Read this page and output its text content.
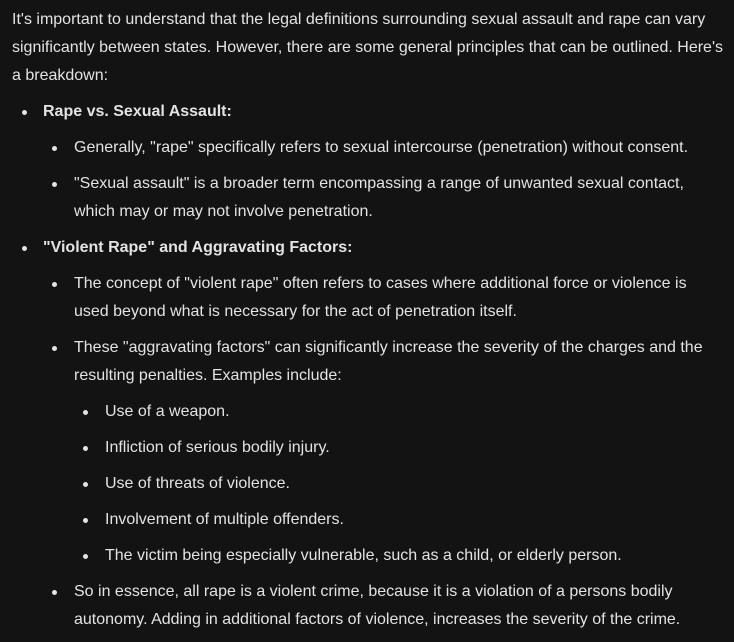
It's important to understand that the legal definitions surrounding sexual assault and rape can vary significantly between states. However, there are some general principles that can be outlined. Here's a breakdown:

Rape vs. Sexual Assault:
Generally, "rape" specifically refers to sexual intercourse (penetration) without consent.
"Sexual assault" is a broader term encompassing a range of unwanted sexual contact, which may or may not involve penetration.
"Violent Rape" and Aggravating Factors:
The concept of "violent rape" often refers to cases where additional force or violence is used beyond what is necessary for the act of penetration itself.
These "aggravating factors" can significantly increase the severity of the charges and the resulting penalties. Examples include:
Use of a weapon.
Infliction of serious bodily injury.
Use of threats of violence.
Involvement of multiple offenders.
The victim being especially vulnerable, such as a child, or elderly person.
So in essence, all rape is a violent crime, because it is a violation of a persons bodily autonomy. Adding in additional factors of violence, increases the severity of the crime.
